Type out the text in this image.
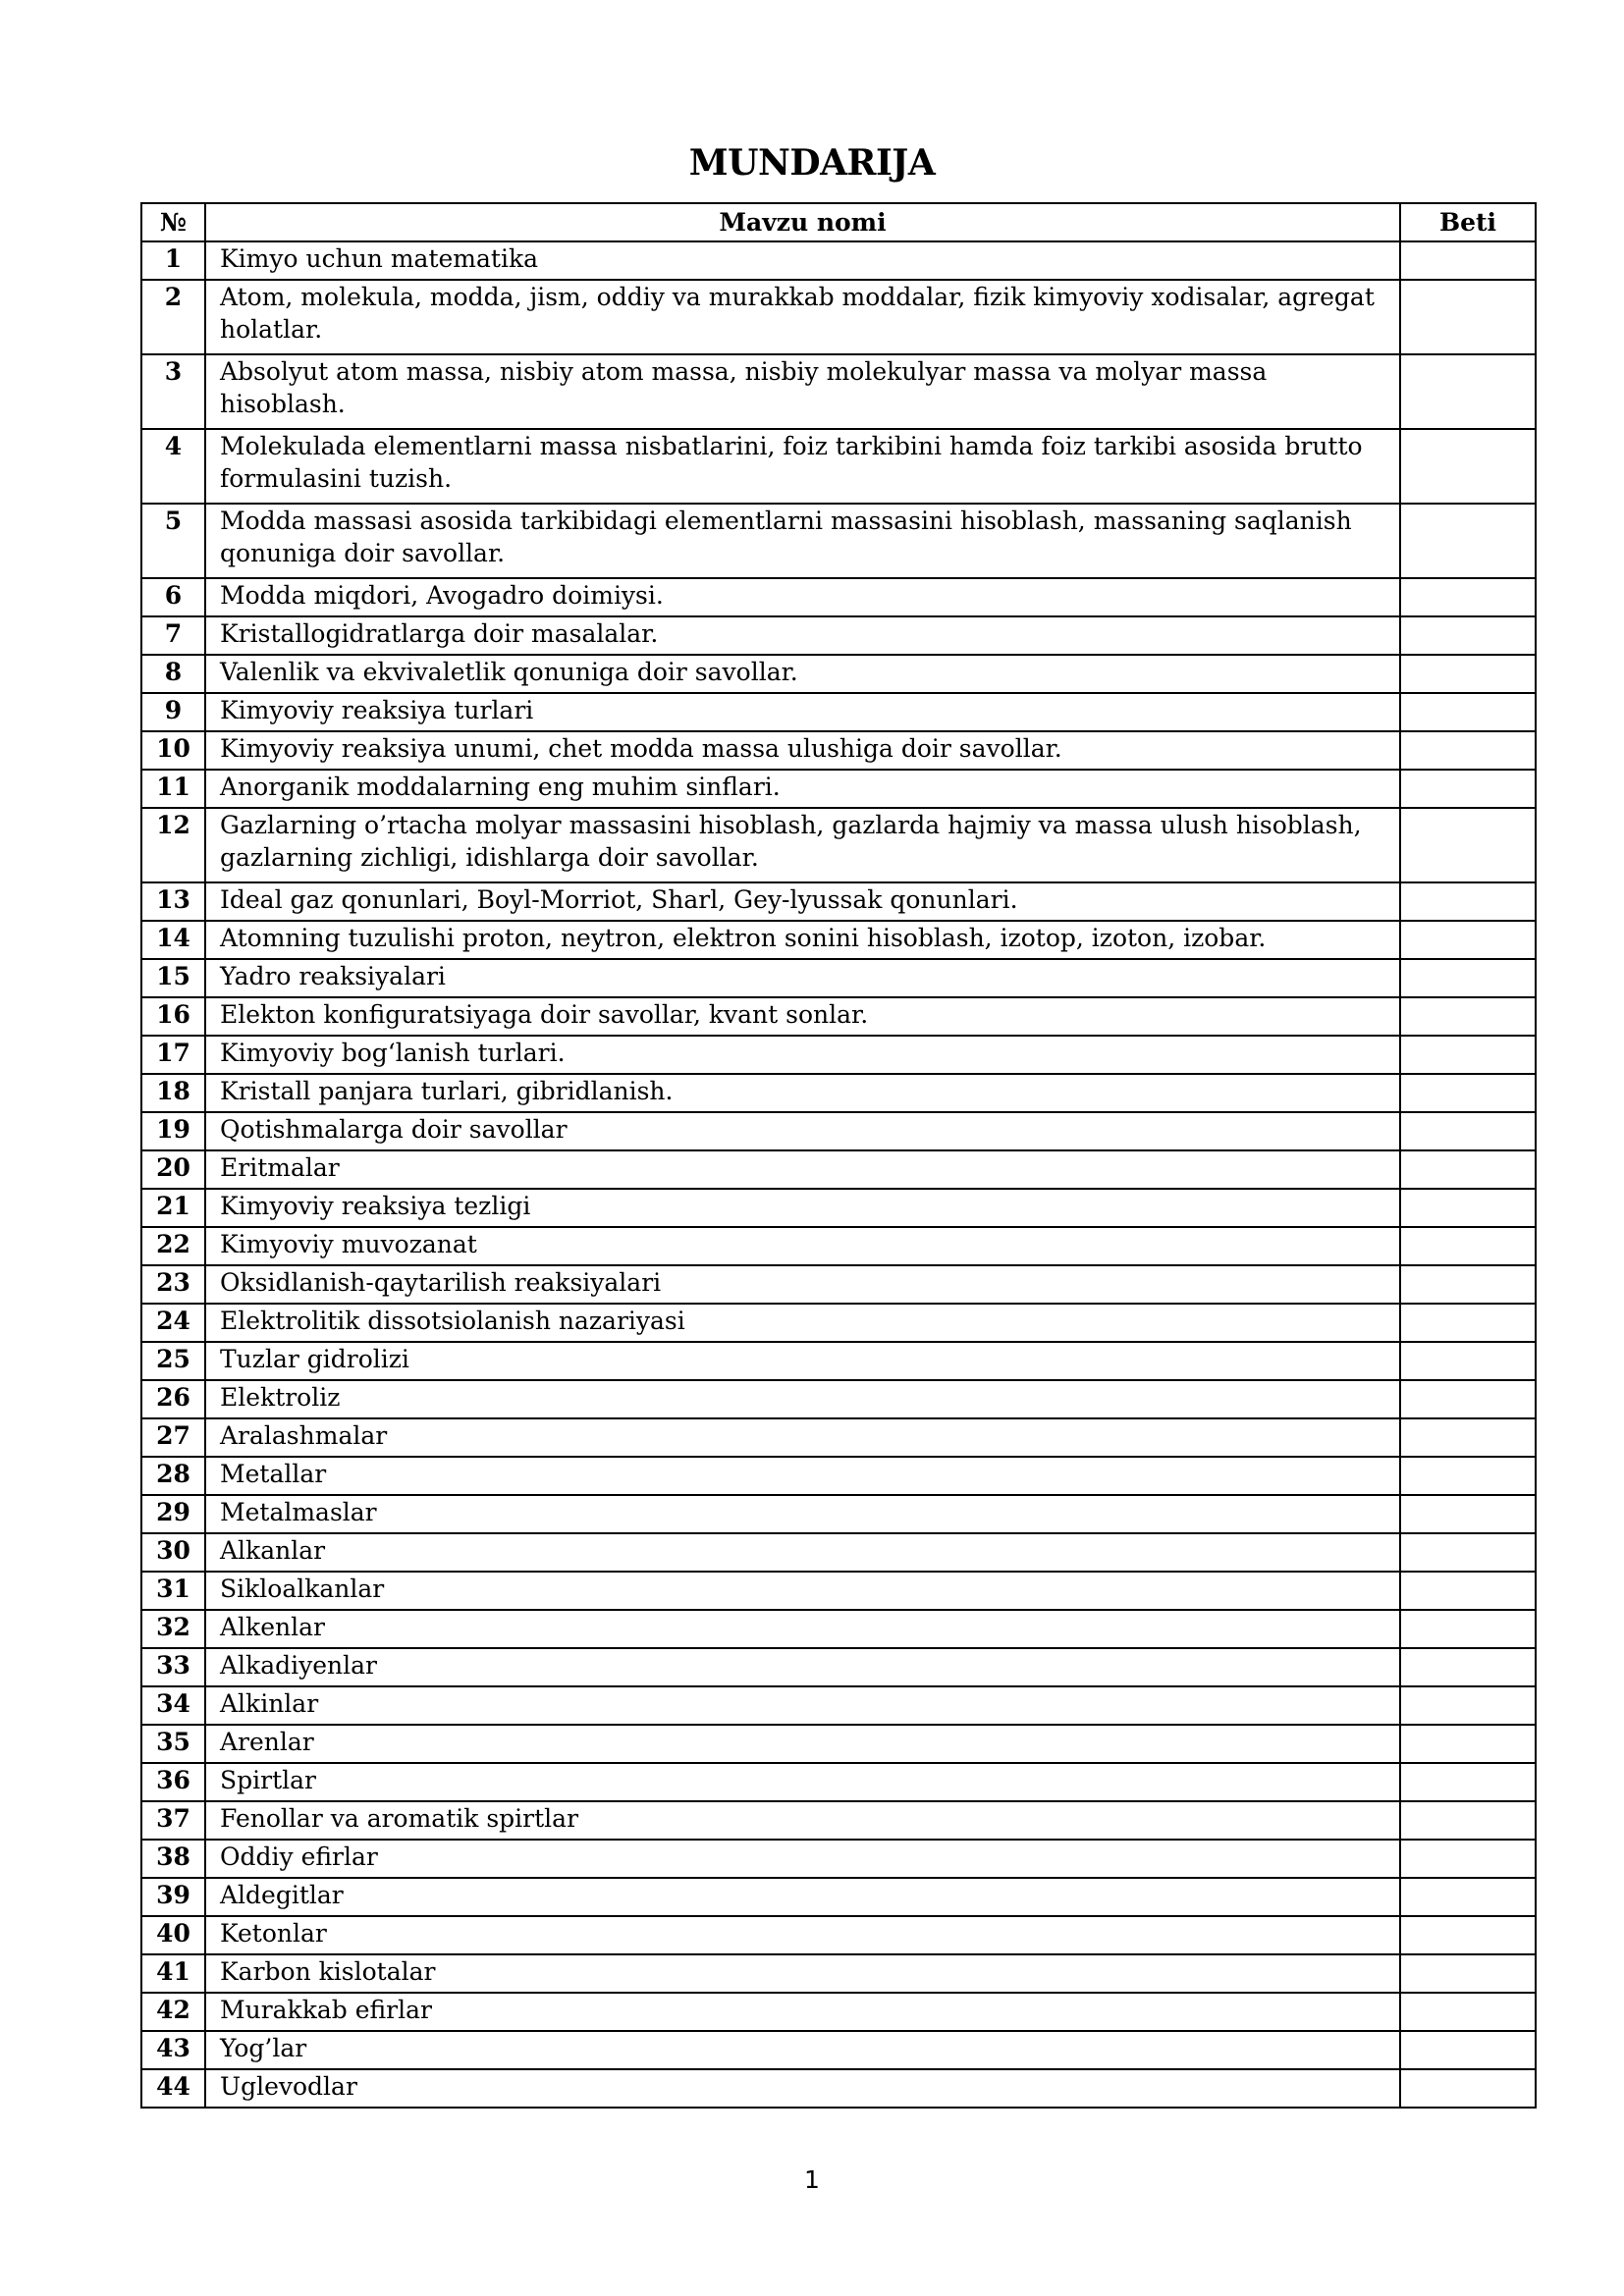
MUNDARIJA
№	Mavzu nomi	Beti
1	Kimyo uchun matematika	
2	Atom, molekula, modda, jism, oddiy va murakkab moddalar, fizik kimyoviy xodisalar, agregat holatlar.	
3	Absolyut atom massa, nisbiy atom massa, nisbiy molekulyar massa va molyar massa hisoblash.	
4	Molekulada elementlarni massa nisbatlarini, foiz tarkibini hamda foiz tarkibi asosida brutto formulasini tuzish.	
5	Modda massasi asosida tarkibidagi elementlarni massasini hisoblash, massaning saqlanish qonuniga doir savollar.	
6	Modda miqdori, Avogadro doimiysi.	
7	Kristallogidratlarga doir masalalar.	
8	Valenlik va ekvivaletlik qonuniga doir savollar.	
9	Kimyoviy reaksiya turlari	
10	Kimyoviy reaksiya unumi, chet modda massa ulushiga doir savollar.	
11	Anorganik moddalarning eng muhim sinflari.	
12	Gazlarning o’rtacha molyar massasini hisoblash, gazlarda hajmiy va massa ulush hisoblash, gazlarning zichligi, idishlarga doir savollar.	
13	Ideal gaz qonunlari, Boyl-Morriot, Sharl, Gey-lyussak qonunlari.	
14	Atomning tuzulishi proton, neytron, elektron sonini hisoblash, izotop, izoton, izobar.	
15	Yadro reaksiyalari	
16	Elekton konfiguratsiyaga doir savollar, kvant sonlar.	
17	Kimyoviy bog‘lanish turlari.	
18	Kristall panjara turlari, gibridlanish.	
19	Qotishmalarga doir savollar	
20	Eritmalar	
21	Kimyoviy reaksiya tezligi	
22	Kimyoviy muvozanat	
23	Oksidlanish-qaytarilish reaksiyalari	
24	Elektrolitik dissotsiolanish nazariyasi	
25	Tuzlar gidrolizi	
26	Elektroliz	
27	Aralashmalar	
28	Metallar	
29	Metalmaslar	
30	Alkanlar	
31	Sikloalkanlar	
32	Alkenlar	
33	Alkadiyenlar	
34	Alkinlar	
35	Arenlar	
36	Spirtlar	
37	Fenollar va aromatik spirtlar	
38	Oddiy efirlar	
39	Aldegitlar	
40	Ketonlar	
41	Karbon kislotalar	
42	Murakkab efirlar	
43	Yog’lar	
44	Uglevodlar	
1
